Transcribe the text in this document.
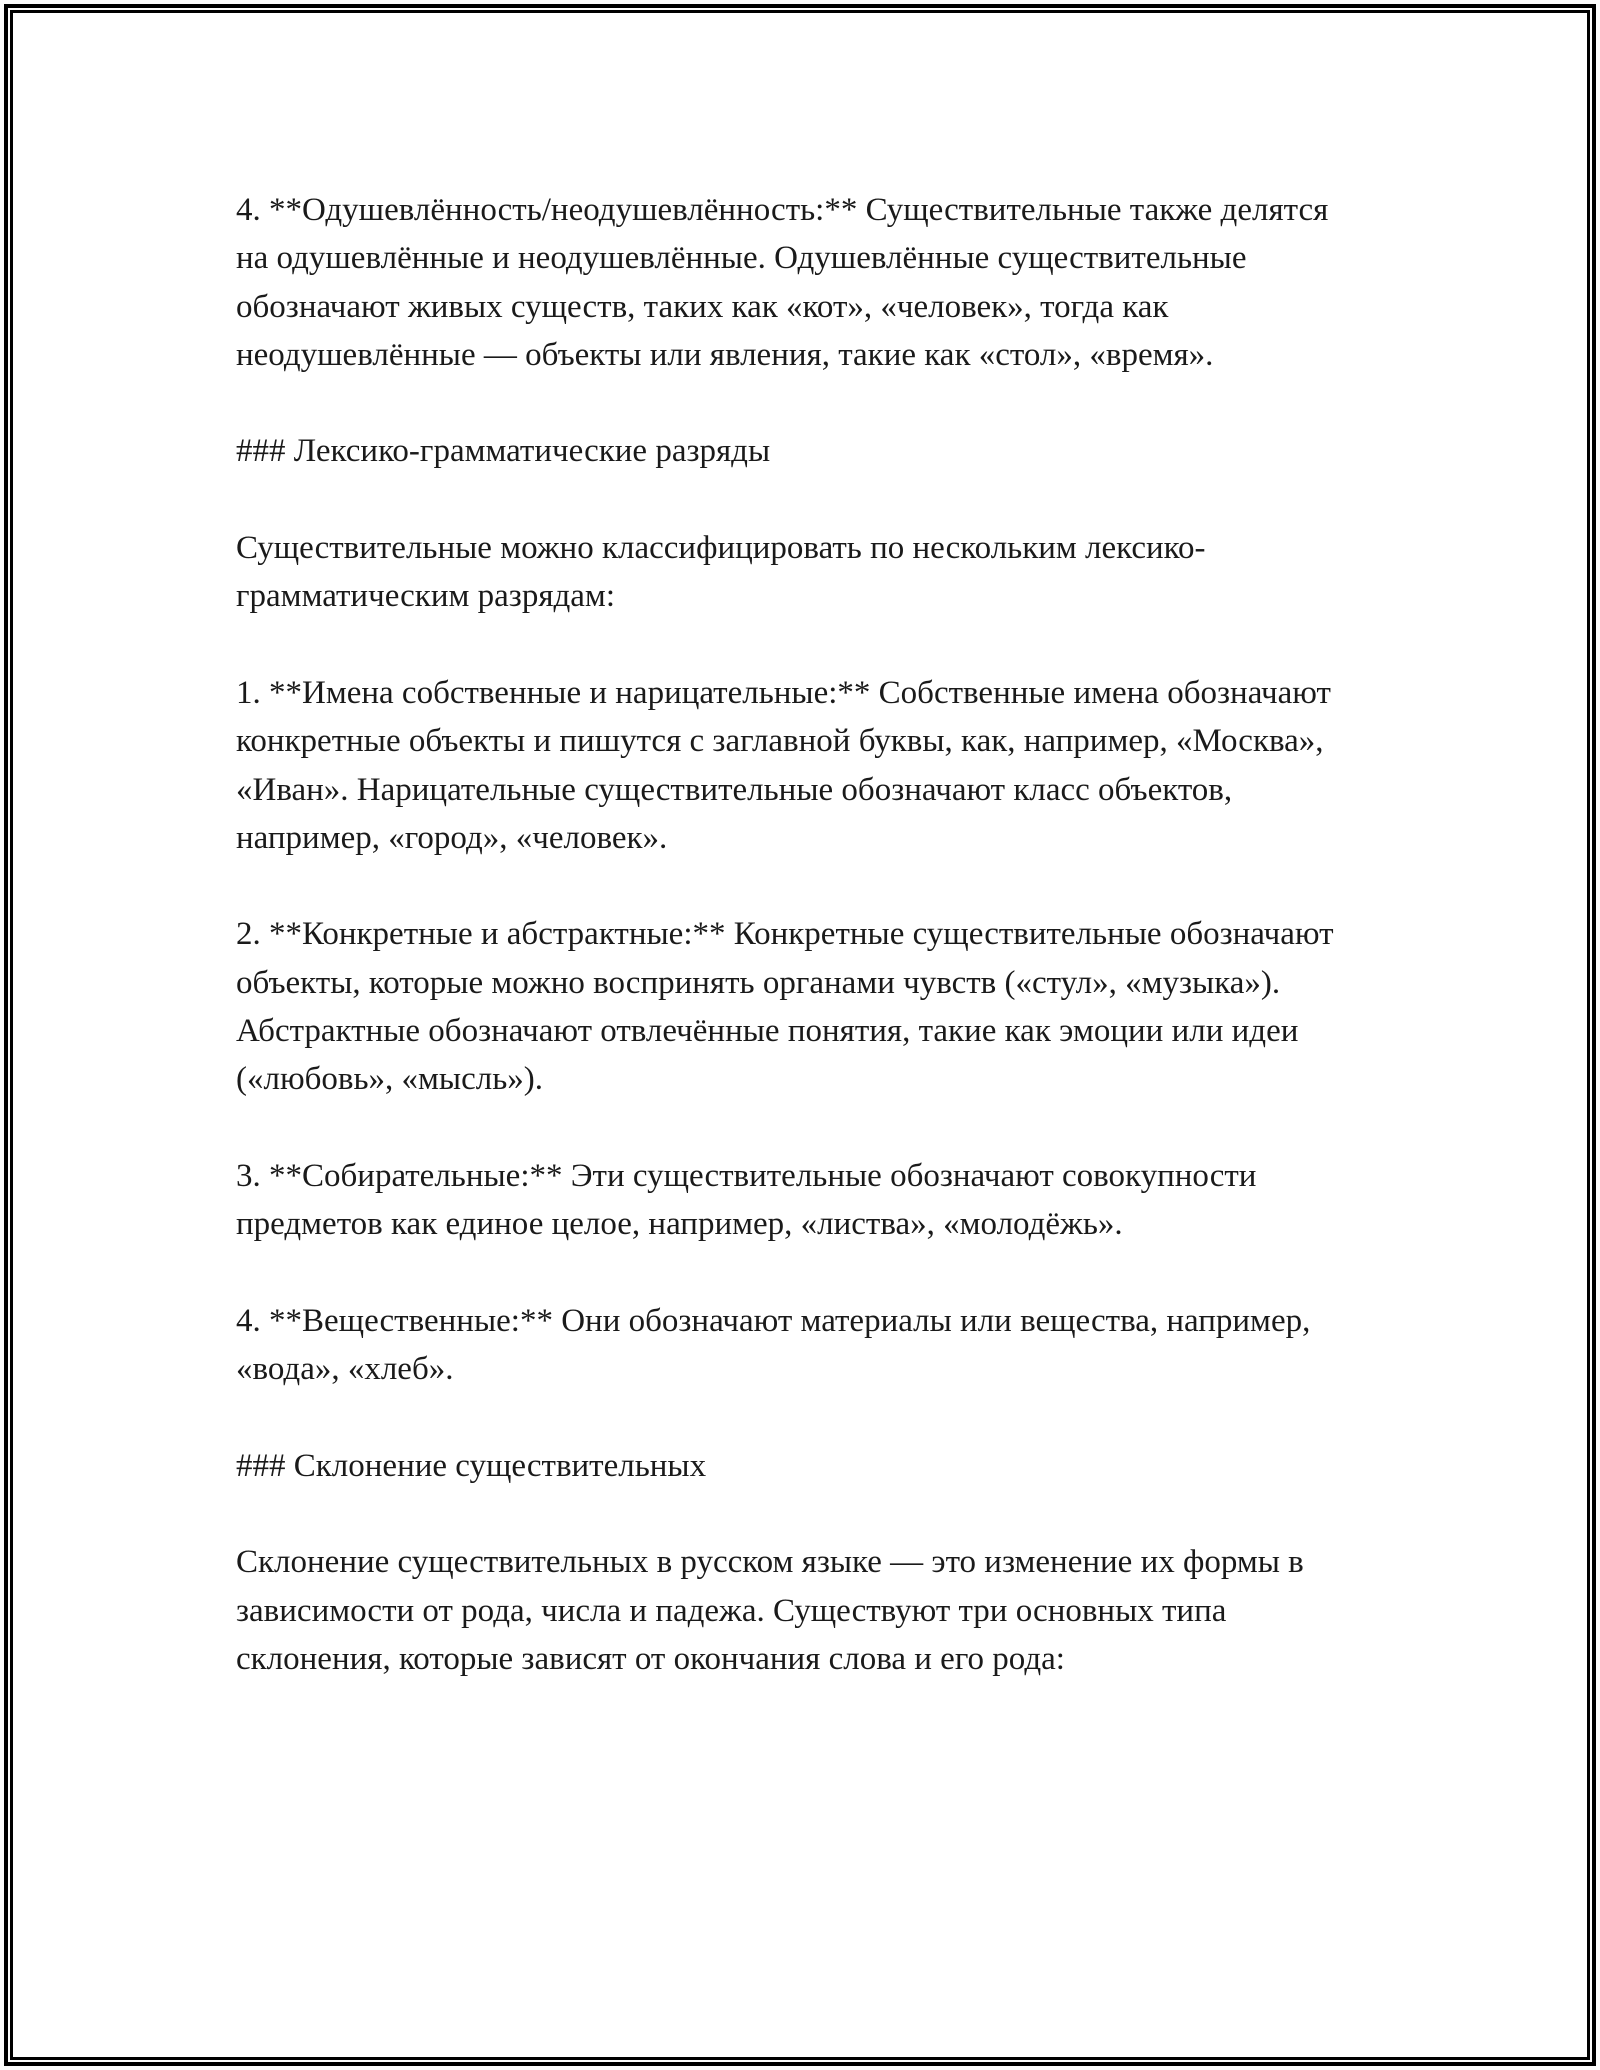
4. **Одушевлённость/неодушевлённость:** Существительные также делятся на одушевлённые и неодушевлённые. Одушевлённые существительные обозначают живых существ, таких как «кот», «человек», тогда как неодушевлённые — объекты или явления, такие как «стол», «время».

### Лексико-грамматические разряды

Существительные можно классифицировать по нескольким лексико-грамматическим разрядам:

1. **Имена собственные и нарицательные:** Собственные имена обозначают конкретные объекты и пишутся с заглавной буквы, как, например, «Москва», «Иван». Нарицательные существительные обозначают класс объектов, например, «город», «человек».

2. **Конкретные и абстрактные:** Конкретные существительные обозначают объекты, которые можно воспринять органами чувств («стул», «музыка»). Абстрактные обозначают отвлечённые понятия, такие как эмоции или идеи («любовь», «мысль»).

3. **Собирательные:** Эти существительные обозначают совокупности предметов как единое целое, например, «листва», «молодёжь».

4. **Вещественные:** Они обозначают материалы или вещества, например, «вода», «хлеб».

### Склонение существительных

Склонение существительных в русском языке — это изменение их формы в зависимости от рода, числа и падежа. Существуют три основных типа склонения, которые зависят от окончания слова и его рода:
